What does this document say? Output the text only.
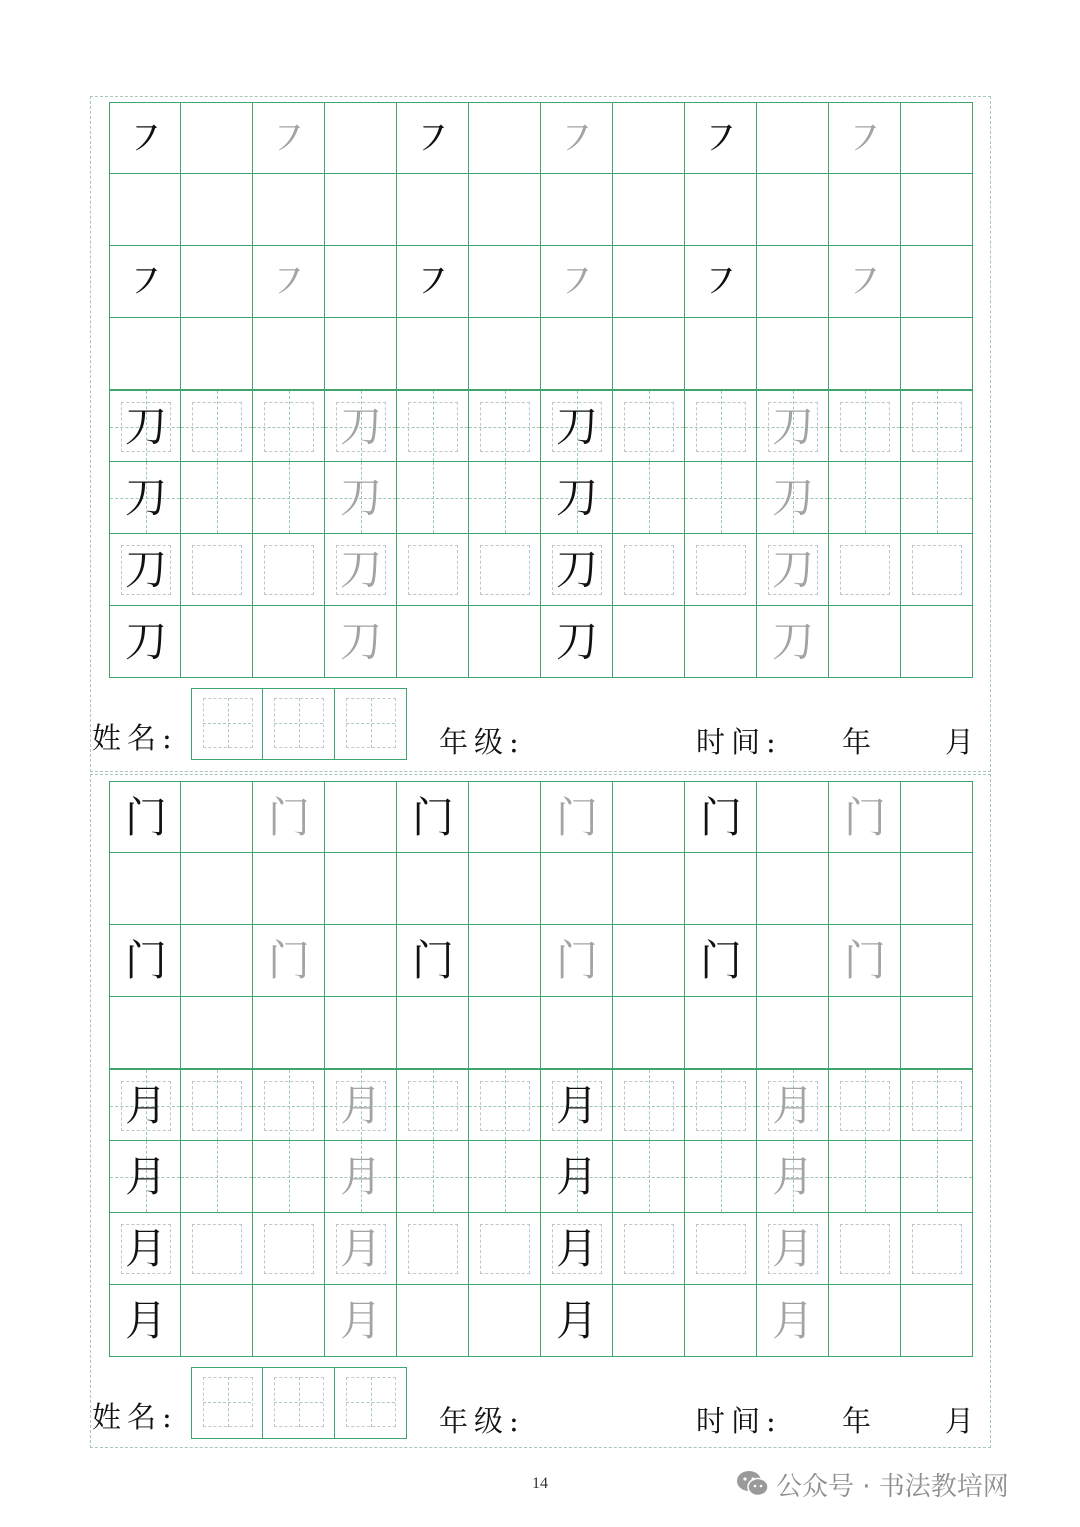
㇇	㇇	㇇	㇇	㇇	㇇
㇇	㇇	㇇	㇇	㇇	㇇
刀	刀	刀	刀
刀	刀	刀	刀
刀	刀	刀	刀
刀	刀	刀	刀
姓名:	年级:	时间: 年 月
门	门	门	门	门	门
门	门	门	门	门	门
月	月	月	月
月	月	月	月
月	月	月	月
月	月	月	月
姓名:	年级:	时间: 年 月
14	公众号 · 书法教培网
